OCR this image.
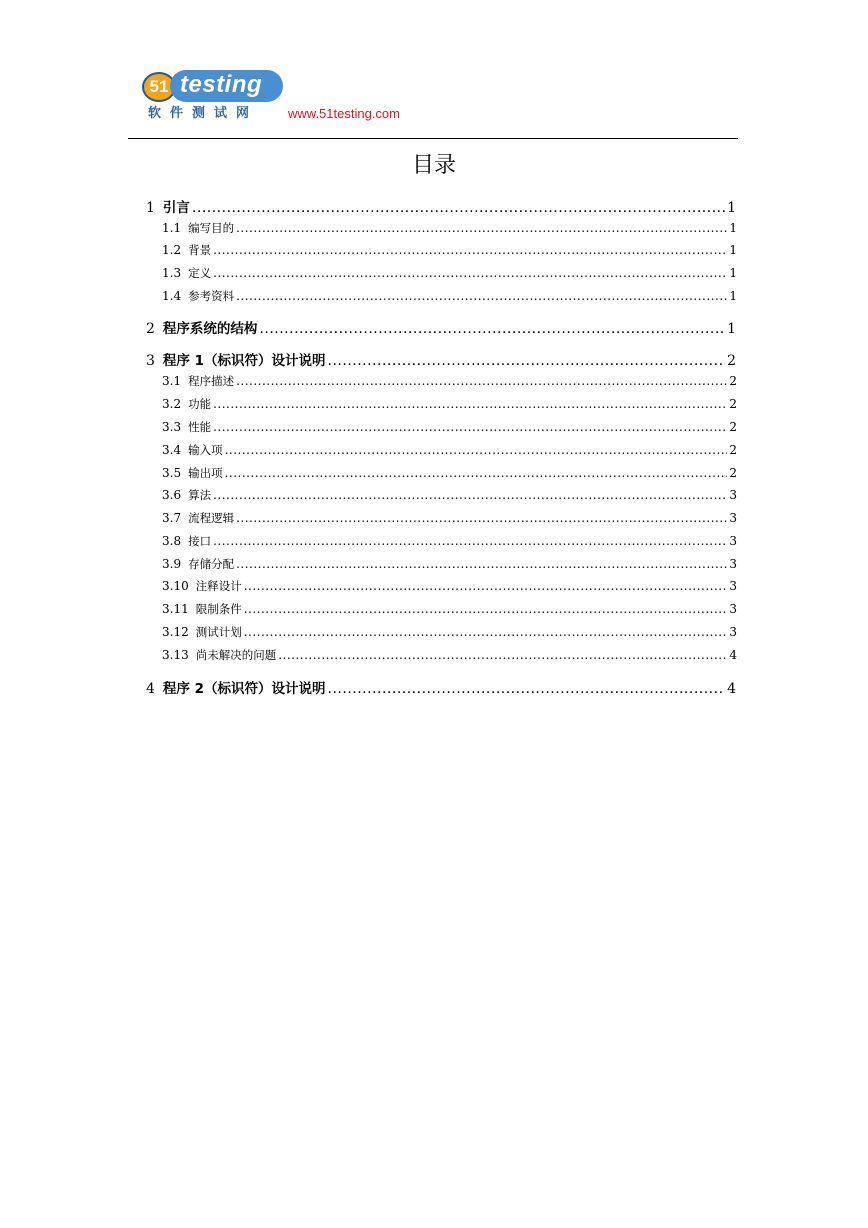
51 testing
软件测试网 www.51testing.com
目录
1 引言 .....	1
1.1 编写目的 .....	1
1.2 背景 .....	1
1.3 定义 .....	1
1.4 参考资料 .....	1
2 程序系统的结构 .....	1
3 程序 1（标识符）设计说明 .....	2
3.1 程序描述 .....	2
3.2 功能 .....	2
3.3 性能 .....	2
3.4 输入项 .....	2
3.5 输出项 .....	2
3.6 算法 .....	3
3.7 流程逻辑 .....	3
3.8 接口 .....	3
3.9 存储分配 .....	3
3.10 注释设计 .....	3
3.11 限制条件 .....	3
3.12 测试计划 .....	3
3.13 尚未解决的问题 .....	4
4 程序 2（标识符）设计说明 .....	4
